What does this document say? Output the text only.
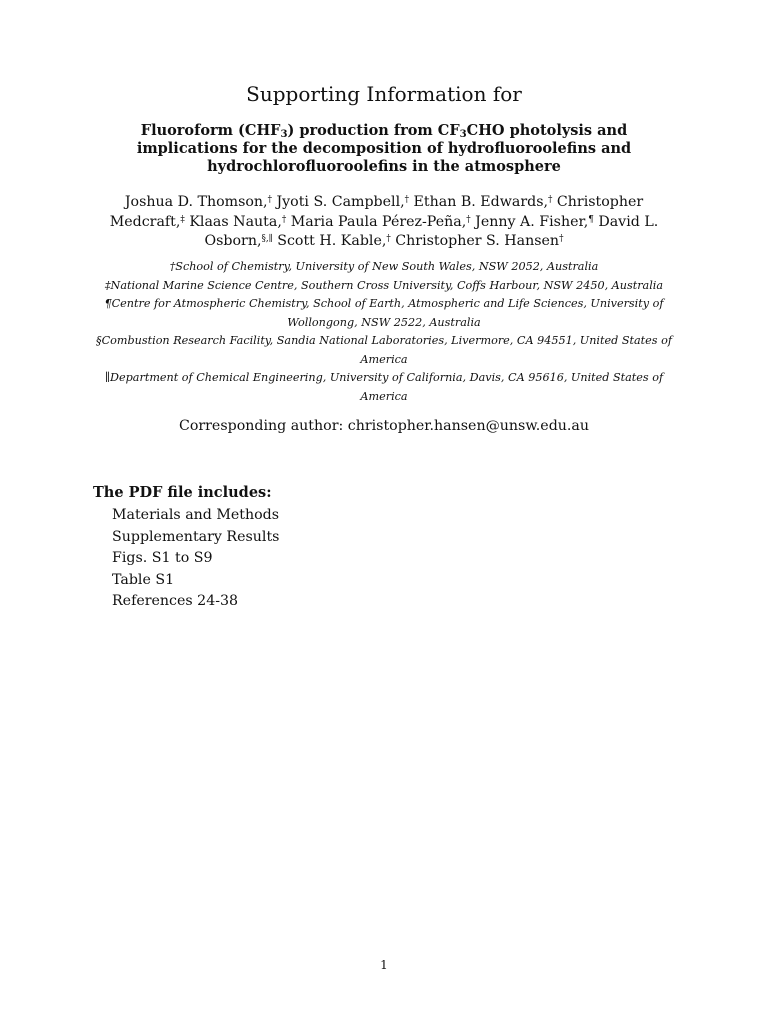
Supporting Information for
Fluoroform $(CHF_3)$ production from $CF_3CHO$ photolysis and implications for the decomposition of hydrofluoroolefins and hydrochlorofluoroolefins in the atmosphere
Joshua D. Thomson,† Jyoti S. Campbell,† Ethan B. Edwards,† Christopher Medcraft,‡ Klaas Nauta,† Maria Paula Pérez-Peña,† Jenny A. Fisher,¶ David L. Osborn,§,∥ Scott H. Kable,† Christopher S. Hansen†

†School of Chemistry, University of New South Wales, NSW 2052, Australia

‡National Marine Science Centre, Southern Cross University, Coffs Harbour, NSW 2450, Australia

¶Centre for Atmospheric Chemistry, School of Earth, Atmospheric and Life Sciences, University of Wollongong, NSW 2522, Australia

§Combustion Research Facility, Sandia National Laboratories, Livermore, CA 94551, United States of America

∥Department of Chemical Engineering, University of California, Davis, CA 95616, United States of America

Corresponding author: christopher.hansen@unsw.edu.au
The PDF file includes:
Materials and Methods
Supplementary Results
Figs. S1 to S9
Table S1
References 24-38
1
